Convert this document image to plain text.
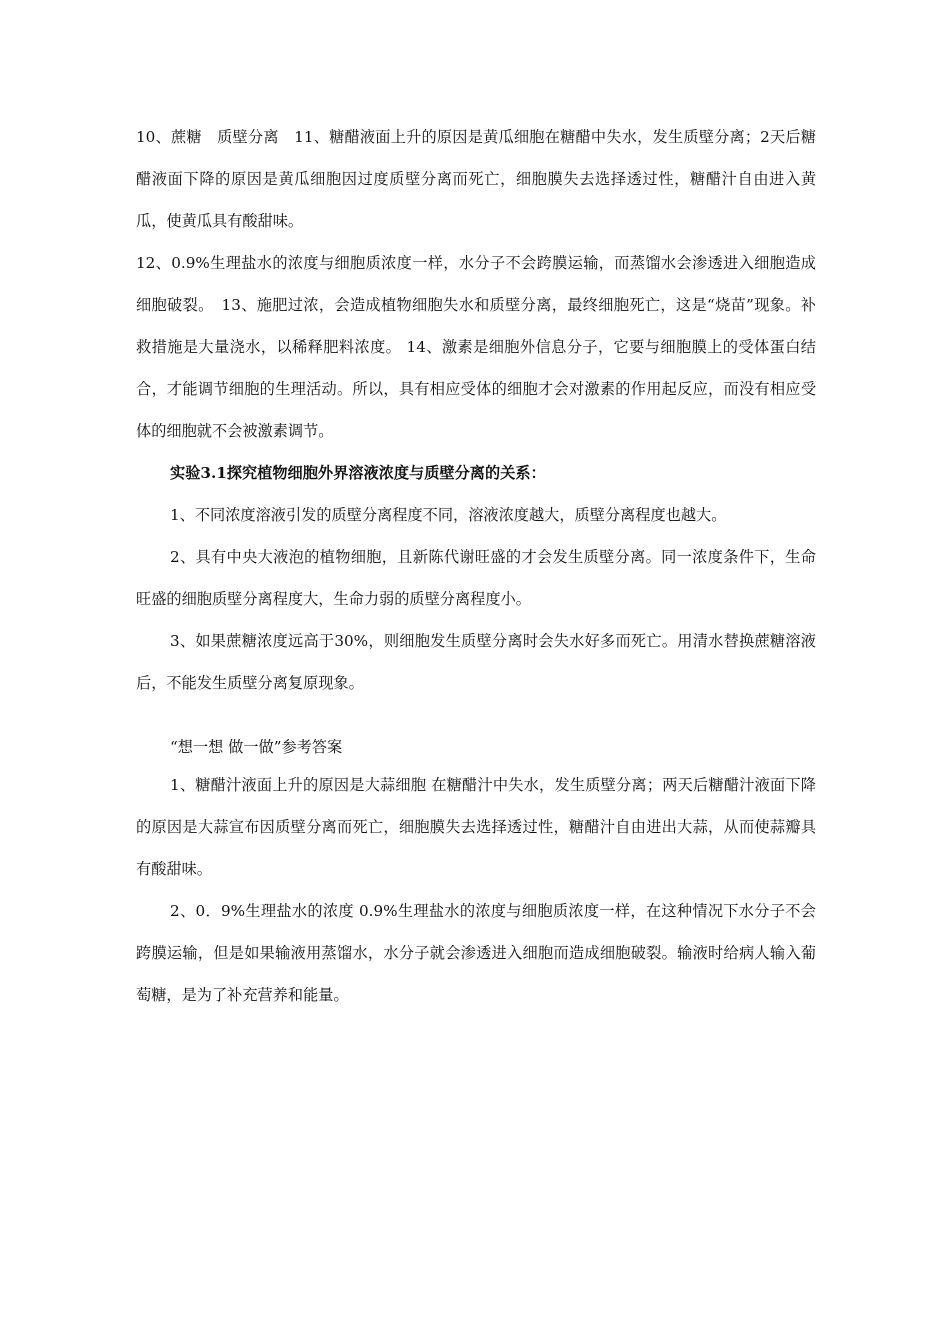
10、蔗糖　质壁分离　11、糖醋液面上升的原因是黄瓜细胞在糖醋中失水，发生质壁分离；2天后糖醋液面下降的原因是黄瓜细胞因过度质壁分离而死亡，细胞膜失去选择透过性，糖醋汁自由进入黄瓜，使黄瓜具有酸甜味。

12、0.9%生理盐水的浓度与细胞质浓度一样，水分子不会跨膜运输，而蒸馏水会渗透进入细胞造成细胞破裂。　13、施肥过浓，会造成植物细胞失水和质壁分离，最终细胞死亡，这是“烧苗”现象。补救措施是大量浇水，以稀释肥料浓度。 14、激素是细胞外信息分子，它要与细胞膜上的受体蛋白结合，才能调节细胞的生理活动。所以，具有相应受体的细胞才会对激素的作用起反应，而没有相应受体的细胞就不会被激素调节。

实验3.1探究植物细胞外界溶液浓度与质壁分离的关系：

1、不同浓度溶液引发的质壁分离程度不同，溶液浓度越大，质壁分离程度也越大。

2、具有中央大液泡的植物细胞，且新陈代谢旺盛的才会发生质壁分离。同一浓度条件下，生命旺盛的细胞质壁分离程度大，生命力弱的质壁分离程度小。

3、如果蔗糖浓度远高于30%，则细胞发生质壁分离时会失水好多而死亡。用清水替换蔗糖溶液后，不能发生质壁分离复原现象。

“想一想 做一做”参考答案

1、糖醋汁液面上升的原因是大蒜细胞 在糖醋汁中失水，发生质壁分离；两天后糖醋汁液面下降的原因是大蒜宣布因质壁分离而死亡，细胞膜失去选择透过性，糖醋汁自由进出大蒜，从而使蒜瓣具有酸甜味。

2、0．9%生理盐水的浓度 0.9%生理盐水的浓度与细胞质浓度一样，在这种情况下水分子不会跨膜运输，但是如果输液用蒸馏水，水分子就会渗透进入细胞而造成细胞破裂。输液时给病人输入葡萄糖，是为了补充营养和能量。
